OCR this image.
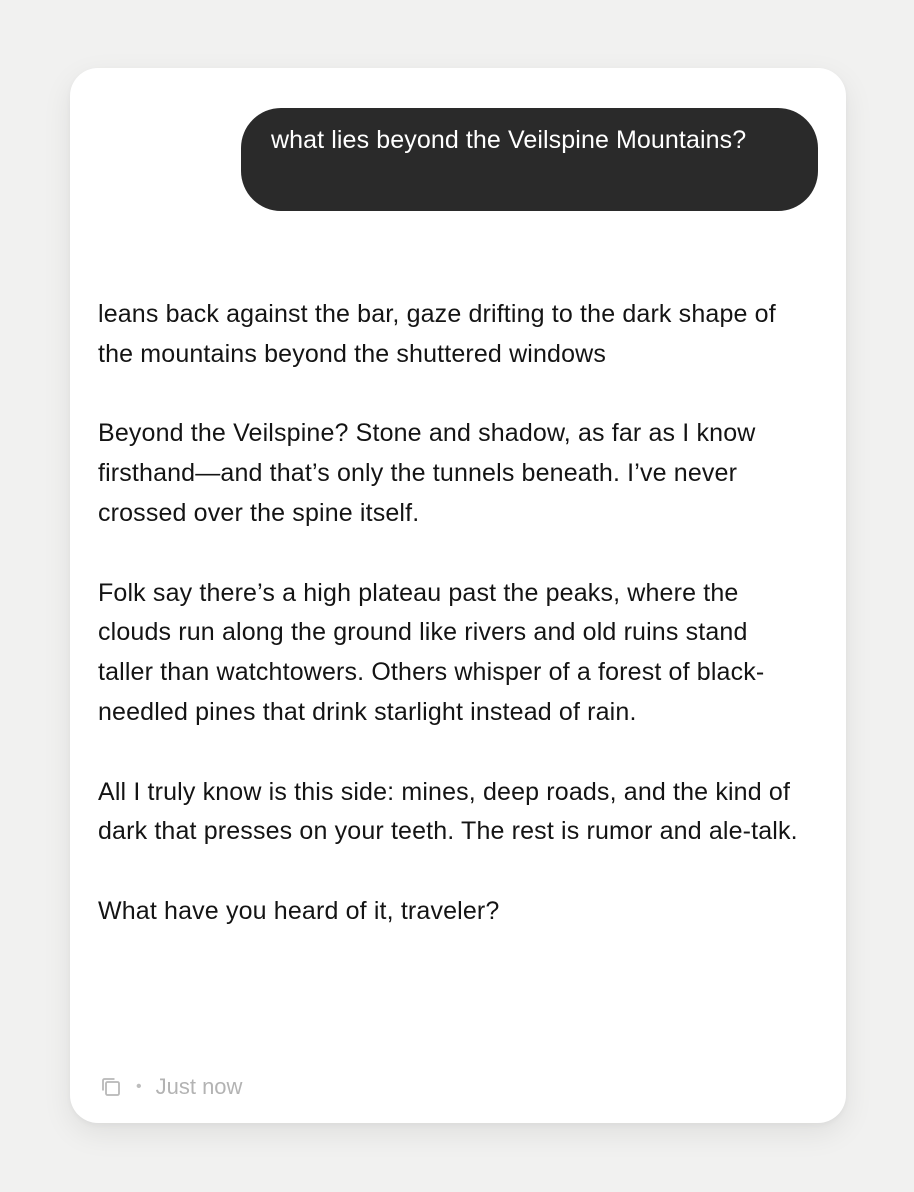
what lies beyond the Veilspine Mountains?

leans back against the bar, gaze drifting to the dark shape of the mountains beyond the shuttered windows

Beyond the Veilspine? Stone and shadow, as far as I know firsthand—and that’s only the tunnels beneath. I’ve never crossed over the spine itself.

Folk say there’s a high plateau past the peaks, where the clouds run along the ground like rivers and old ruins stand taller than watchtowers. Others whisper of a forest of black-needled pines that drink starlight instead of rain.

All I truly know is this side: mines, deep roads, and the kind of dark that presses on your teeth. The rest is rumor and ale-talk.

What have you heard of it, traveler?

• Just now
